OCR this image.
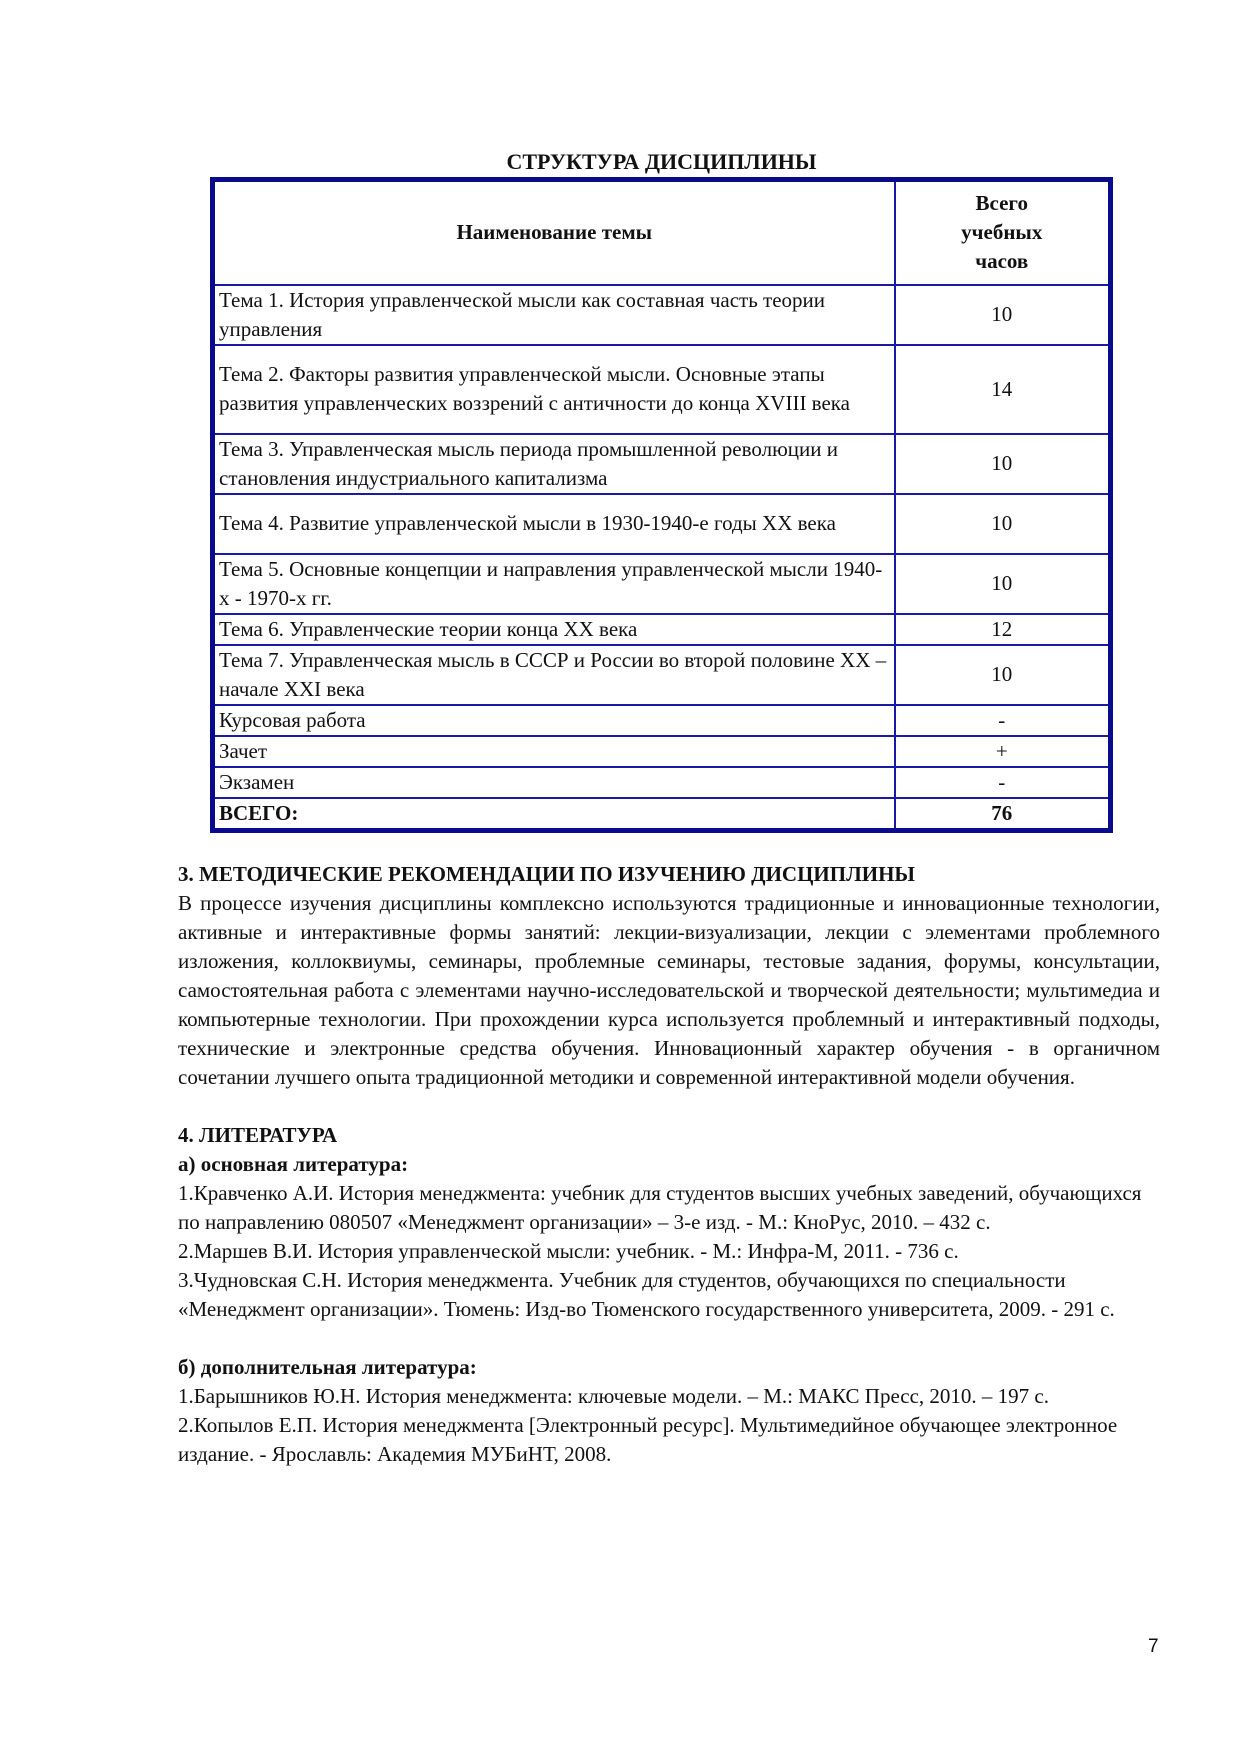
СТРУКТУРА ДИСЦИПЛИНЫ
Наименование темы	Всего учебных часов
Тема 1. История управленческой мысли как составная часть теории управления	10
Тема 2. Факторы развития управленческой мысли. Основные этапы развития управленческих воззрений с античности до конца XVIII века	14
Тема 3. Управленческая мысль периода промышленной революции и становления индустриального капитализма	10
Тема 4. Развитие управленческой мысли в 1930-1940-е годы XX века	10
Тема 5. Основные концепции и направления управленческой мысли 1940-х - 1970-х гг.	10
Тема 6. Управленческие теории конца XX века	12
Тема 7. Управленческая мысль в СССР и России во второй половине XX – начале XXI века	10
Курсовая работа	-
Зачет	+
Экзамен	-
ВСЕГО:	76

3. МЕТОДИЧЕСКИЕ РЕКОМЕНДАЦИИ ПО ИЗУЧЕНИЮ ДИСЦИПЛИНЫ

В процессе изучения дисциплины комплексно используются традиционные и инновационные технологии, активные и интерактивные формы занятий: лекции-визуализации, лекции с элементами проблемного изложения, коллоквиумы, семинары, проблемные семинары, тестовые задания, форумы, консультации, самостоятельная работа с элементами научно-исследовательской и творческой деятельности; мультимедиа и компьютерные технологии. При прохождении курса используется проблемный и интерактивный подходы, технические и электронные средства обучения. Инновационный характер обучения - в органичном сочетании лучшего опыта традиционной методики и современной интерактивной модели обучения.

4. ЛИТЕРАТУРА

а) основная литература:

1.Кравченко А.И. История менеджмента: учебник для студентов высших учебных заведений, обучающихся по направлению 080507 «Менеджмент организации» – 3-е изд. - М.: КноРус, 2010. – 432 с.

2.Маршев В.И. История управленческой мысли: учебник. - М.: Инфра-М, 2011. - 736 с.

3.Чудновская С.Н. История менеджмента. Учебник для студентов, обучающихся по специальности «Менеджмент организации». Тюмень: Изд-во Тюменского государственного университета, 2009. - 291 с.

б) дополнительная литература:

1.Барышников Ю.Н. История менеджмента: ключевые модели. – М.: МАКС Пресс, 2010. – 197 с.

2.Копылов Е.П. История менеджмента [Электронный ресурс]. Мультимедийное обучающее электронное издание. - Ярославль: Академия МУБиНТ, 2008.

7
